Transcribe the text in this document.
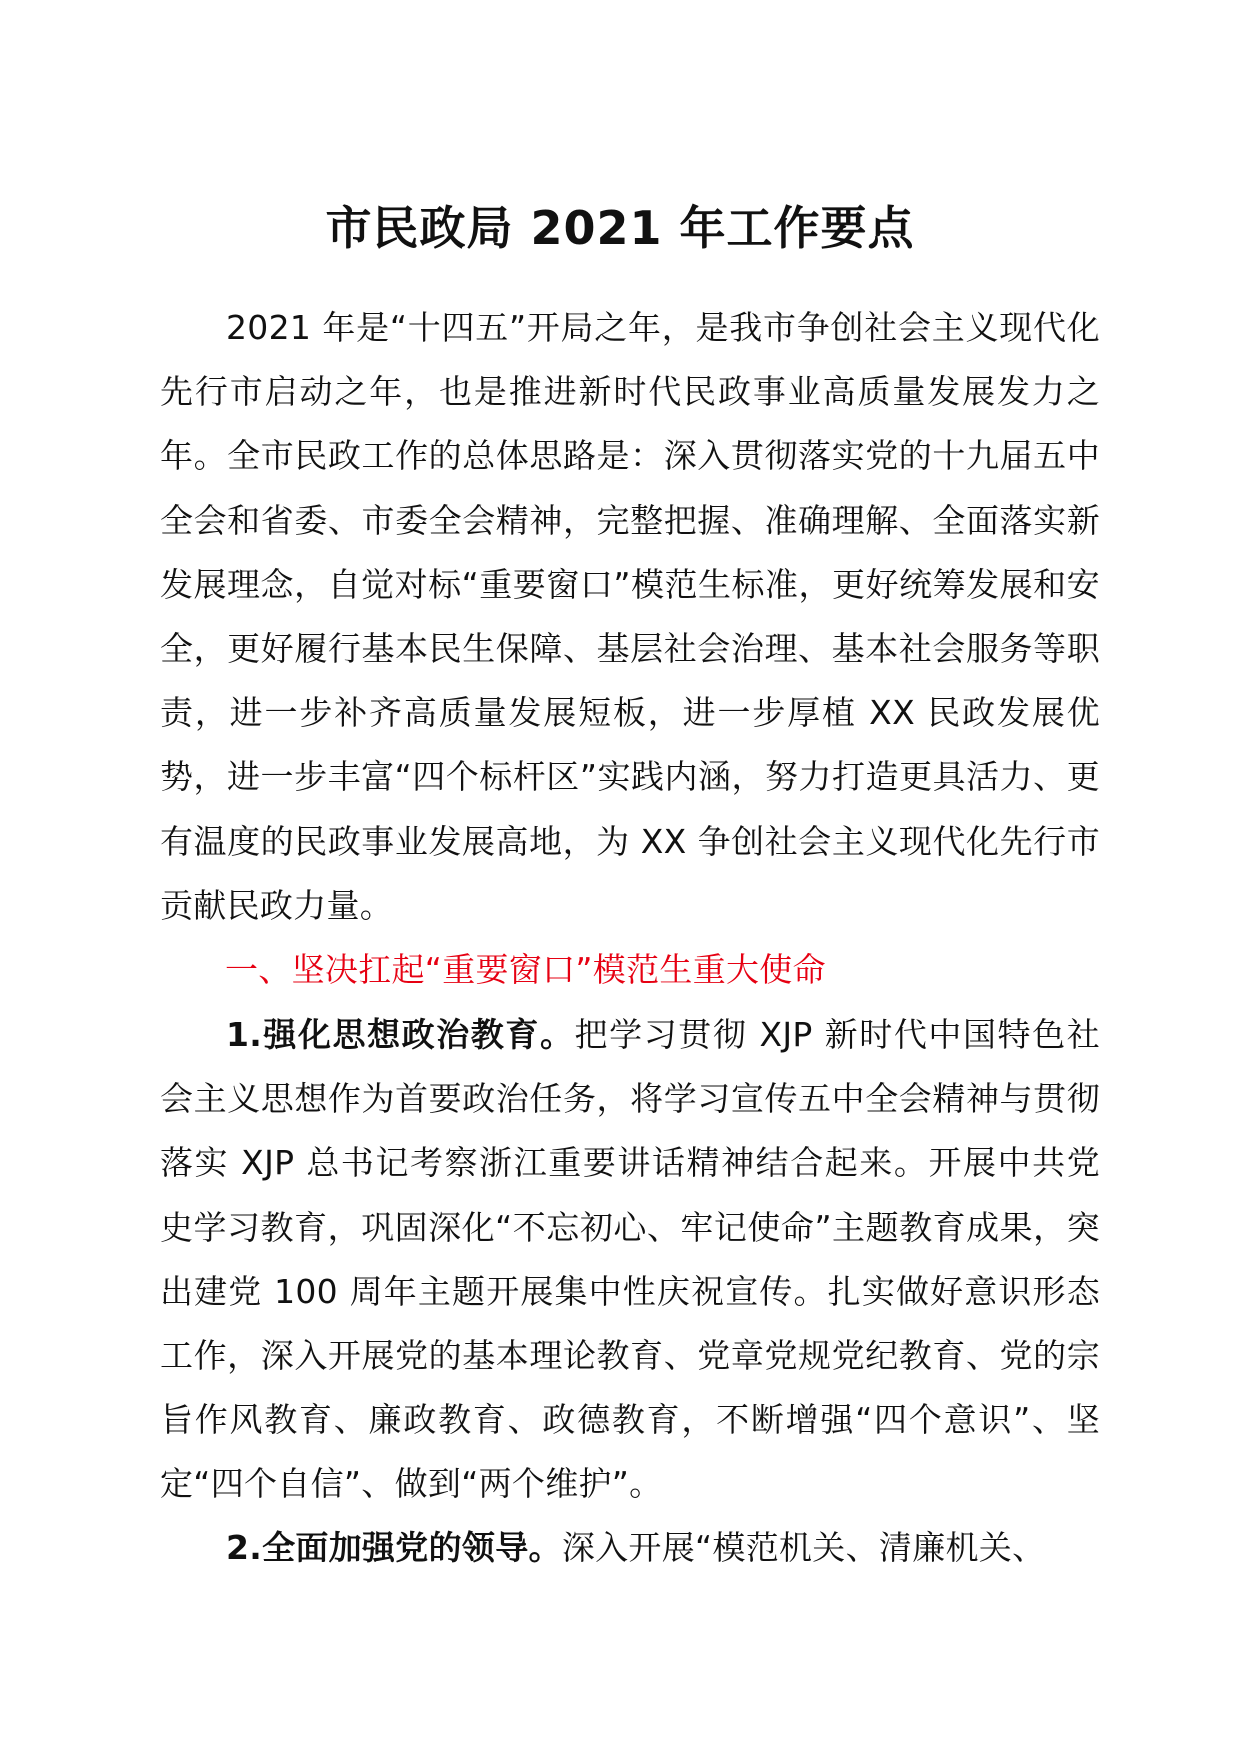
市民政局 2021 年工作要点
2021 年是“十四五”开局之年，是我市争创社会主义现代化先行市启动之年，也是推进新时代民政事业高质量发展发力之年。全市民政工作的总体思路是：深入贯彻落实党的十九届五中全会和省委、市委全会精神，完整把握、准确理解、全面落实新发展理念，自觉对标“重要窗口”模范生标准，更好统筹发展和安全，更好履行基本民生保障、基层社会治理、基本社会服务等职责，进一步补齐高质量发展短板，进一步厚植 XX 民政发展优势，进一步丰富“四个标杆区”实践内涵，努力打造更具活力、更有温度的民政事业发展高地，为 XX 争创社会主义现代化先行市贡献民政力量。
一、坚决扛起“重要窗口”模范生重大使命
1.强化思想政治教育。把学习贯彻 XJP 新时代中国特色社会主义思想作为首要政治任务，将学习宣传五中全会精神与贯彻落实 XJP 总书记考察浙江重要讲话精神结合起来。开展中共党史学习教育，巩固深化“不忘初心、牢记使命”主题教育成果，突出建党 100 周年主题开展集中性庆祝宣传。扎实做好意识形态工作，深入开展党的基本理论教育、党章党规党纪教育、党的宗旨作风教育、廉政教育、政德教育，不断增强“四个意识”、坚定“四个自信”、做到“两个维护”。
2.全面加强党的领导。深入开展“模范机关、清廉机关、
